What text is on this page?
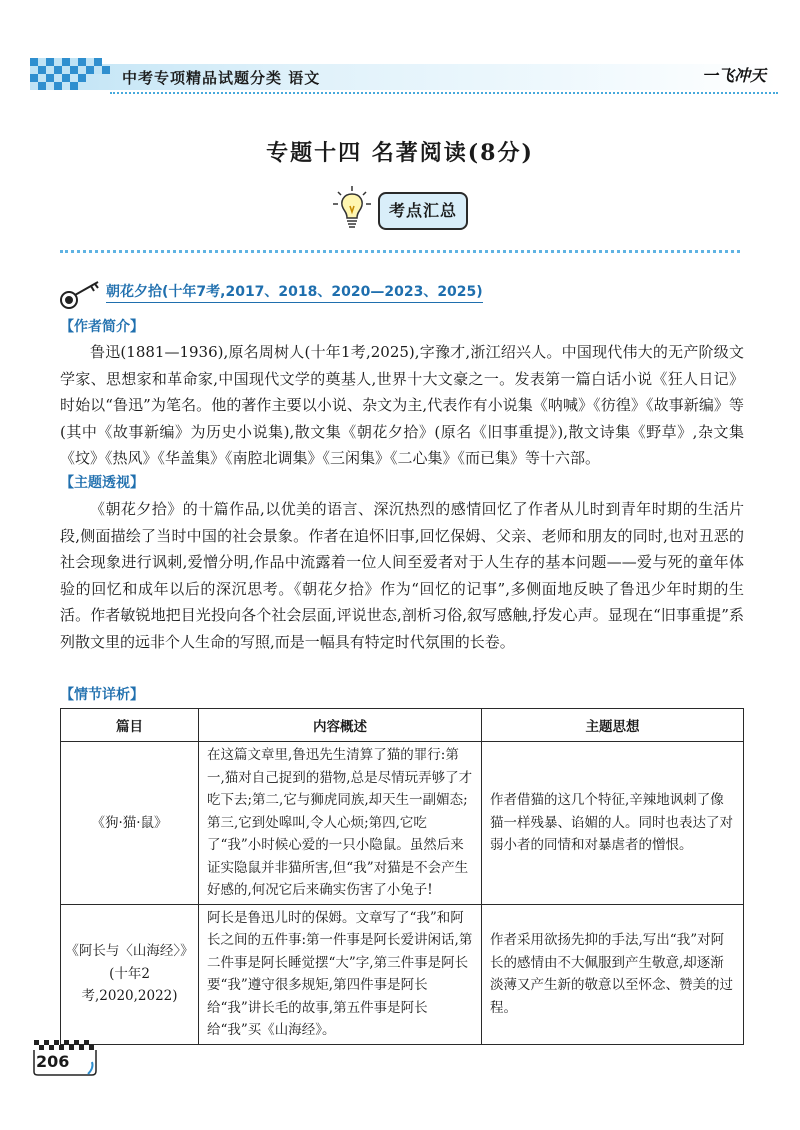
中考专项精品试题分类 语文	一飞冲天
专题十四 名著阅读(8分)
考点汇总
朝花夕拾(十年7考,2017、2018、2020—2023、2025)
【作者简介】

鲁迅(1881—1936),原名周树人(十年1考,2025),字豫才,浙江绍兴人。中国现代伟大的无产阶级文学家、思想家和革命家,中国现代文学的奠基人,世界十大文豪之一。发表第一篇白话小说《狂人日记》时始以“鲁迅”为笔名。他的著作主要以小说、杂文为主,代表作有小说集《呐喊》《彷徨》《故事新编》等(其中《故事新编》为历史小说集),散文集《朝花夕拾》(原名《旧事重提》),散文诗集《野草》,杂文集《坟》《热风》《华盖集》《南腔北调集》《三闲集》《二心集》《而已集》等十六部。

【主题透视】

《朝花夕拾》的十篇作品,以优美的语言、深沉热烈的感情回忆了作者从儿时到青年时期的生活片段,侧面描绘了当时中国的社会景象。作者在追怀旧事,回忆保姆、父亲、老师和朋友的同时,也对丑恶的社会现象进行讽刺,爱憎分明,作品中流露着一位人间至爱者对于人生存的基本问题——爱与死的童年体验的回忆和成年以后的深沉思考。《朝花夕拾》作为“回忆的记事”,多侧面地反映了鲁迅少年时期的生活。作者敏锐地把目光投向各个社会层面,评说世态,剖析习俗,叙写感触,抒发心声。显现在“旧事重提”系列散文里的远非个人生命的写照,而是一幅具有特定时代氛围的长卷。

【情节详析】
篇目	内容概述	主题思想
《狗·猫·鼠》	在这篇文章里,鲁迅先生清算了猫的罪行:第一,猫对自己捉到的猎物,总是尽情玩弄够了才吃下去;第二,它与狮虎同族,却天生一副媚态;第三,它到处嗥叫,令人心烦;第四,它吃了“我”小时候心爱的一只小隐鼠。虽然后来证实隐鼠并非猫所害,但“我”对猫是不会产生好感的,何况它后来确实伤害了小兔子!	作者借猫的这几个特征,辛辣地讽刺了像猫一样残暴、谄媚的人。同时也表达了对弱小者的同情和对暴虐者的憎恨。

《阿长与〈山海经〉》
(十年2考,2020,2022)	阿长是鲁迅儿时的保姆。文章写了“我”和阿长之间的五件事:第一件事是阿长爱讲闲话,第二件事是阿长睡觉摆“大”字,第三件事是阿长要“我”遵守很多规矩,第四件事是阿长给“我”讲长毛的故事,第五件事是阿长给“我”买《山海经》。	作者采用欲扬先抑的手法,写出“我”对阿长的感情由不大佩服到产生敬意,却逐渐淡薄又产生新的敬意以至怀念、赞美的过程。
206
